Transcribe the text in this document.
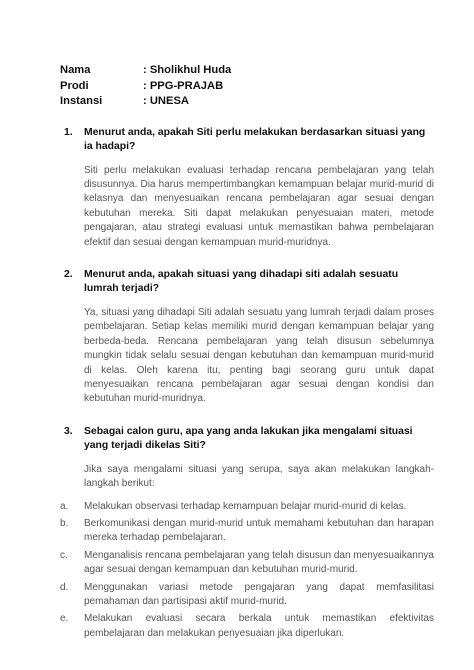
Nama	: Sholikhul Huda
Prodi	: PPG-PRAJAB
Instansi	: UNESA
1. Menurut anda, apakah Siti perlu melakukan berdasarkan situasi yang ia hadapi?

Siti perlu melakukan evaluasi terhadap rencana pembelajaran yang telah disusunnya. Dia harus mempertimbangkan kemampuan belajar murid-murid di kelasnya dan menyesuaikan rencana pembelajaran agar sesuai dengan kebutuhan mereka. Siti dapat melakukan penyesuaian materi, metode pengajaran, atau strategi evaluasi untuk memastikan bahwa pembelajaran efektif dan sesuai dengan kemampuan murid-muridnya.

2. Menurut anda, apakah situasi yang dihadapi siti adalah sesuatu lumrah terjadi?

Ya, situasi yang dihadapi Siti adalah sesuatu yang lumrah terjadi dalam proses pembelajaran. Setiap kelas memiliki murid dengan kemampuan belajar yang berbeda-beda. Rencana pembelajaran yang telah disusun sebelumnya mungkin tidak selalu sesuai dengan kebutuhan dan kemampuan murid-murid di kelas. Oleh karena itu, penting bagi seorang guru untuk dapat menyesuaikan rencana pembelajaran agar sesuai dengan kondisi dan kebutuhan murid-muridnya.

3. Sebagai calon guru, apa yang anda lakukan jika mengalami situasi yang terjadi dikelas Siti?

Jika saya mengalami situasi yang serupa, saya akan melakukan langkah-langkah berikut:

a. Melakukan observasi terhadap kemampuan belajar murid-murid di kelas.
b. Berkomunikasi dengan murid-murid untuk memahami kebutuhan dan harapan mereka terhadap pembelajaran.
c. Menganalisis rencana pembelajaran yang telah disusun dan menyesuaikannya agar sesuai dengan kemampuan dan kebutuhan murid-murid.
d. Menggunakan variasi metode pengajaran yang dapat memfasilitasi pemahaman dan partisipasi aktif murid-murid.
e. Melakukan evaluasi secara berkala untuk memastikan efektivitas pembelajaran dan melakukan penyesuaian jika diperlukan.
